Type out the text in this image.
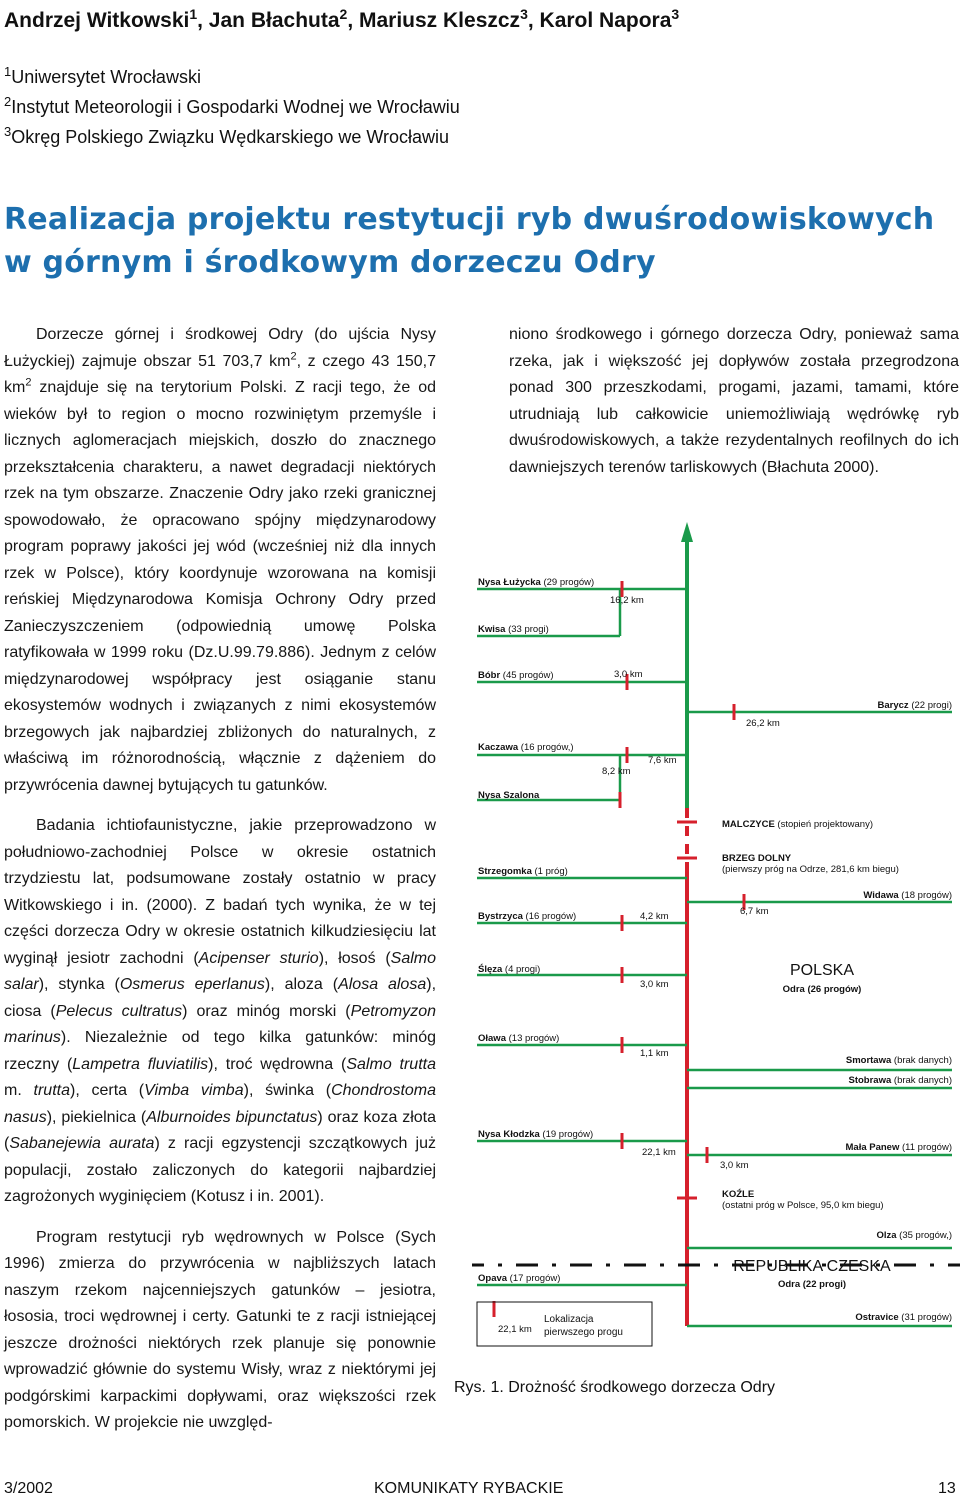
Andrzej Witkowski$^1$, Jan Błachuta$^2$, Mariusz Kleszcz$^3$, Karol Napora$^3$
$^1$Uniwersytet Wrocławski
$^2$Instytut Meteorologii i Gospodarki Wodnej we Wrocławiu
$^3$Okręg Polskiego Związku Wędkarskiego we Wrocławiu
Realizacja projektu restytucji ryb dwuśrodowiskowych
w górnym i środkowym dorzeczu Odry

Dorzecze górnej i środkowej Odry (do ujścia Nysy Łużyckiej) zajmuje obszar 51 703,7 $km^2$, z czego 43 150,7 $km^2$ znajduje się na terytorium Polski. Z racji tego, że od wieków był to region o mocno rozwiniętym przemyśle i licznych aglomeracjach miejskich, doszło do znacznego przekształcenia charakteru, a nawet degradacji niektórych rzek na tym obszarze. Znaczenie Odry jako rzeki granicznej spowodowało, że opracowano spójny międzynarodowy program poprawy jakości jej wód (wcześniej niż dla innych rzek w Polsce), który koordynuje wzorowana na komisji reńskiej Międzynarodowa Komisja Ochrony Odry przed Zanieczyszczeniem (odpowiednią umowę Polska ratyfikowała w 1999 roku (Dz.U.99.79.886). Jednym z celów międzynarodowej współpracy jest osiąganie stanu ekosystemów wodnych i związanych z nimi ekosystemów brzegowych jak najbardziej zbliżonych do naturalnych, z właściwą im różnorodnością, włącznie z dążeniem do przywrócenia dawnej bytujących tu gatunków.

Badania ichtiofaunistyczne, jakie przeprowadzono w południowo-zachodniej Polsce w okresie ostatnich trzydziestu lat, podsumowane zostały ostatnio w pracy Witkowskiego i in. (2000). Z badań tych wynika, że w tej części dorzecza Odry w okresie ostatnich kilkudziesięciu lat wyginął jesiotr zachodni (Acipenser sturio), łosoś (Salmo salar), stynka (Osmerus eperlanus), aloza (Alosa alosa), ciosa (Pelecus cultratus) oraz minóg morski (Petromyzon marinus). Niezależnie od tego kilka gatunków: minóg rzeczny (Lampetra fluviatilis), troć wędrowna (Salmo trutta m. trutta), certa (Vimba vimba), świnka (Chondrostoma nasus), piekielnica (Alburnoides bipunctatus) oraz koza złota (Sabanejewia aurata) z racji egzystencji szczątkowych już populacji, zostało zaliczonych do kategorii najbardziej zagrożonych wyginięciem (Kotusz i in. 2001).

Program restytucji ryb wędrownych w Polsce (Sych 1996) zmierza do przywrócenia w najbliższych latach naszym rzekom najcenniejszych gatunków – jesiotra, łososia, troci wędrownej i certy. Gatunki te z racji istniejącej jeszcze drożności niektórych rzek planuje się ponownie wprowadzić głównie do systemu Wisły, wraz z niektórymi jej podgórskimi karpackimi dopływami, oraz większości rzek pomorskich. W projekcie nie uwzględ-

niono środkowego i górnego dorzecza Odry, ponieważ sama rzeka, jak i większość jej dopływów została przegrodzona ponad 300 przeszkodami, progami, jazami, tamami, które utrudniają lub całkowicie uniemożliwiają wędrówkę ryb dwuśrodowiskowych, a także rezydentalnych reofilnych do ich dawniejszych terenów tarliskowych (Błachuta 2000).

Nysa Łużycka (29 progów)
Kwisa (33 progi)
Bóbr (45 progów)
Kaczawa (16 progów,)
Nysa Szalona
Strzegomka (1 próg)
Bystrzyca (16 progów)
Ślęza (4 progi)
Oława (13 progów)
Nysa Kłodzka (19 progów)
Opava (17 progów)
Barycz (22 progi)
Widawa (18 progów)
Smortawa (brak danych)
Stobrawa (brak danych)
Mała Panew (11 progów)
Olza (35 progów,)
Ostravice (31 progów)
16,2 km
3,0 km
26,2 km
7,6 km
8,2 km
4,2 km	6,7 km
3,0 km
1,1 km
22,1 km
3,0 km
MALCZYCE (stopień projektowany)
BRZEG DOLNY
(pierwszy próg na Odrze, 281,6 km biegu)
KOŹLE
(ostatni próg w Polsce, 95,0 km biegu)
POLSKA
Odra (26 progów)
REPUBLIKA CZESKA
Odra (22 progi)
22,1 km
Lokalizacja
pierwszego progu
Rys. 1. Drożność środkowego dorzecza Odry
3/2002	KOMUNIKATY RYBACKIE	13
